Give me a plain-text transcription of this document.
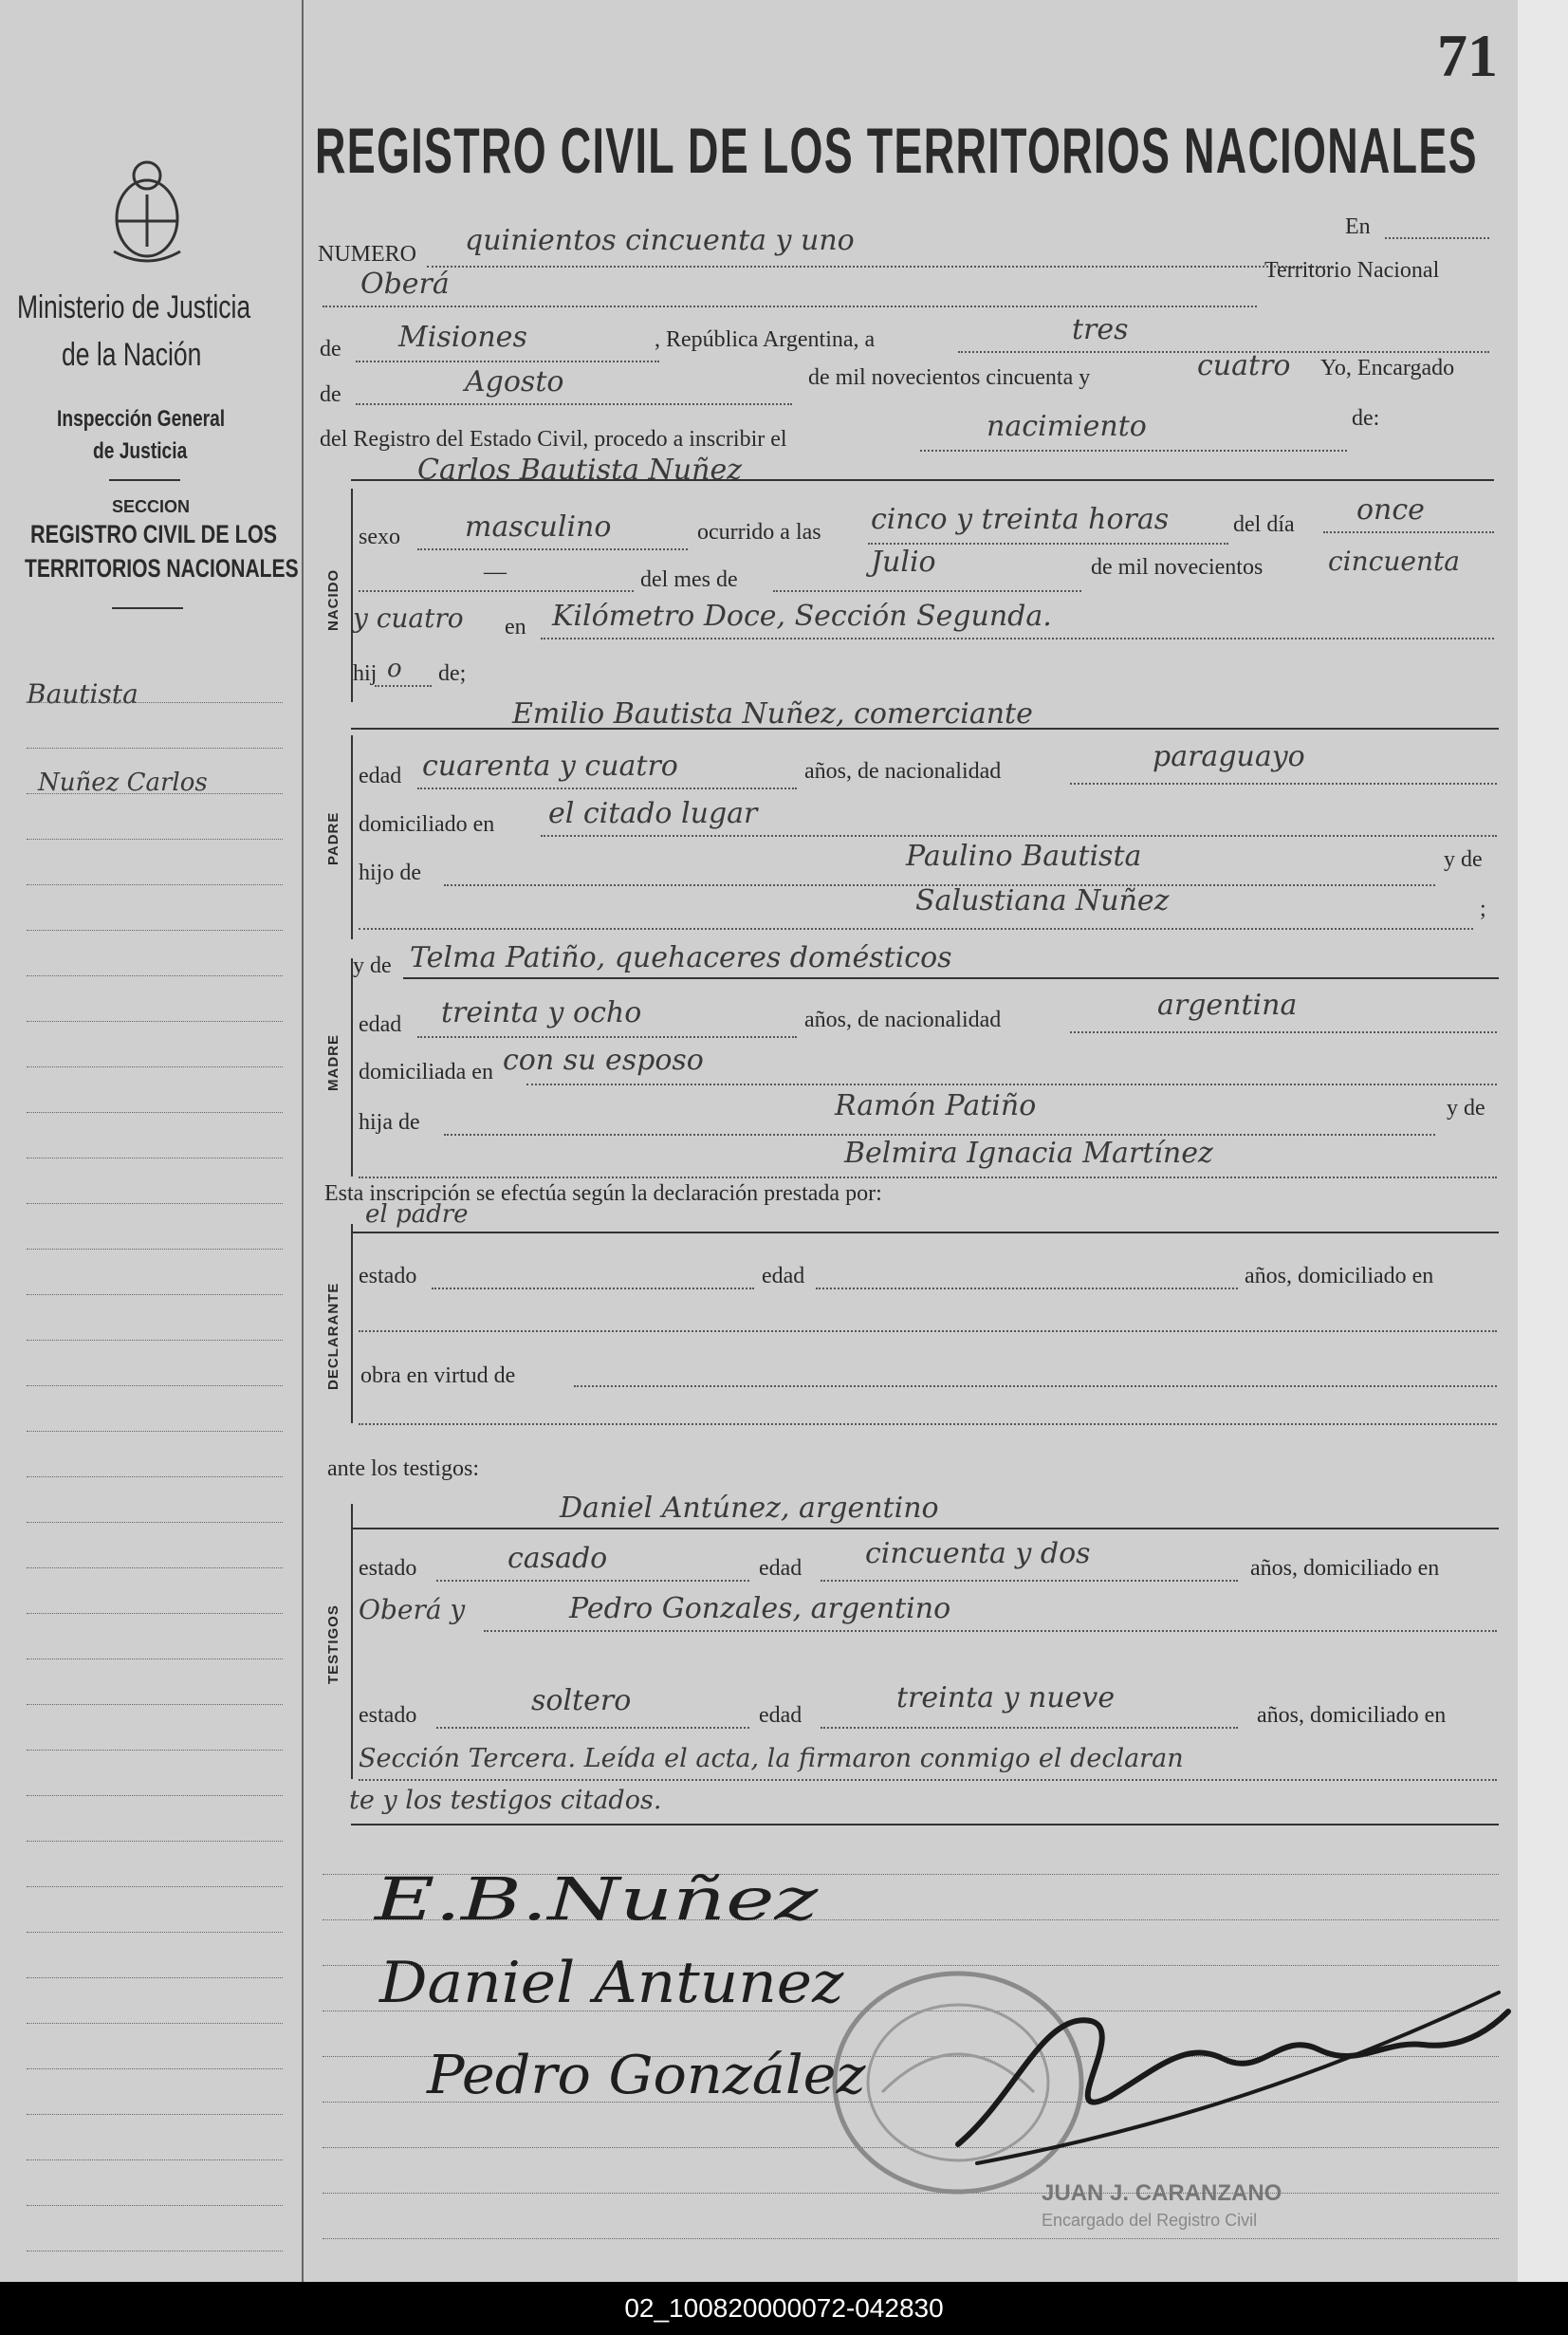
71
Ministerio de Justicia
de la Nación
Inspección General
de Justicia
SECCION
REGISTRO CIVIL DE LOS
TERRITORIOS NACIONALES
Bautista
Nuñez Carlos
REGISTRO CIVIL DE LOS TERRITORIOS NACIONALES
NUMERO quinientos cincuenta y uno	En
Oberá	Territorio Nacional
de Misiones	, República Argentina, a	tres
de	Agosto	de mil novecientos cincuenta y	cuatro Yo, Encargado
del Registro del Estado Civil, procedo a inscribir el	nacimiento	de:
NACIDO
Carlos Bautista Nuñez
sexo masculino	ocurrido a las cinco y treinta horas	del día once
—	del mes de
Julio	de mil novecientos cincuenta
y cuatro en Kilómetro Doce, Sección Segunda.
hij o de;
PADRE
Emilio Bautista Nuñez, comerciante
edad cuarenta y cuatro	años, de nacionalidad	paraguayo
domiciliado en el citado lugar
hijo de	Paulino Bautista	y de
Salustiana Nuñez	;
MADRE
y de Telma Patiño, quehaceres domésticos
edad treinta y ocho	años, de nacionalidad	argentina
domiciliada en con su esposo
hija de	Ramón Patiño	y de
Belmira Ignacia Martínez
Esta inscripción se efectúa según la declaración prestada por:
DECLARANTE
el padre
estado	edad	años, domiciliado en
obra en virtud de
ante los testigos:
TESTIGOS
Daniel Antúnez, argentino
estado	casado	edad cincuenta y dos	años, domiciliado en
Oberá y	Pedro Gonzales, argentino
estado	soltero	edad
treinta y nueve
años, domiciliado en
Sección Tercera. Leída el acta, la firmaron conmigo el declaran
te y los testigos citados.
JUAN J. CARANZANO
Encargado del Registro Civil
E.B.Nuñez
Daniel Antunez
Pedro González
02_100820000072-042830
